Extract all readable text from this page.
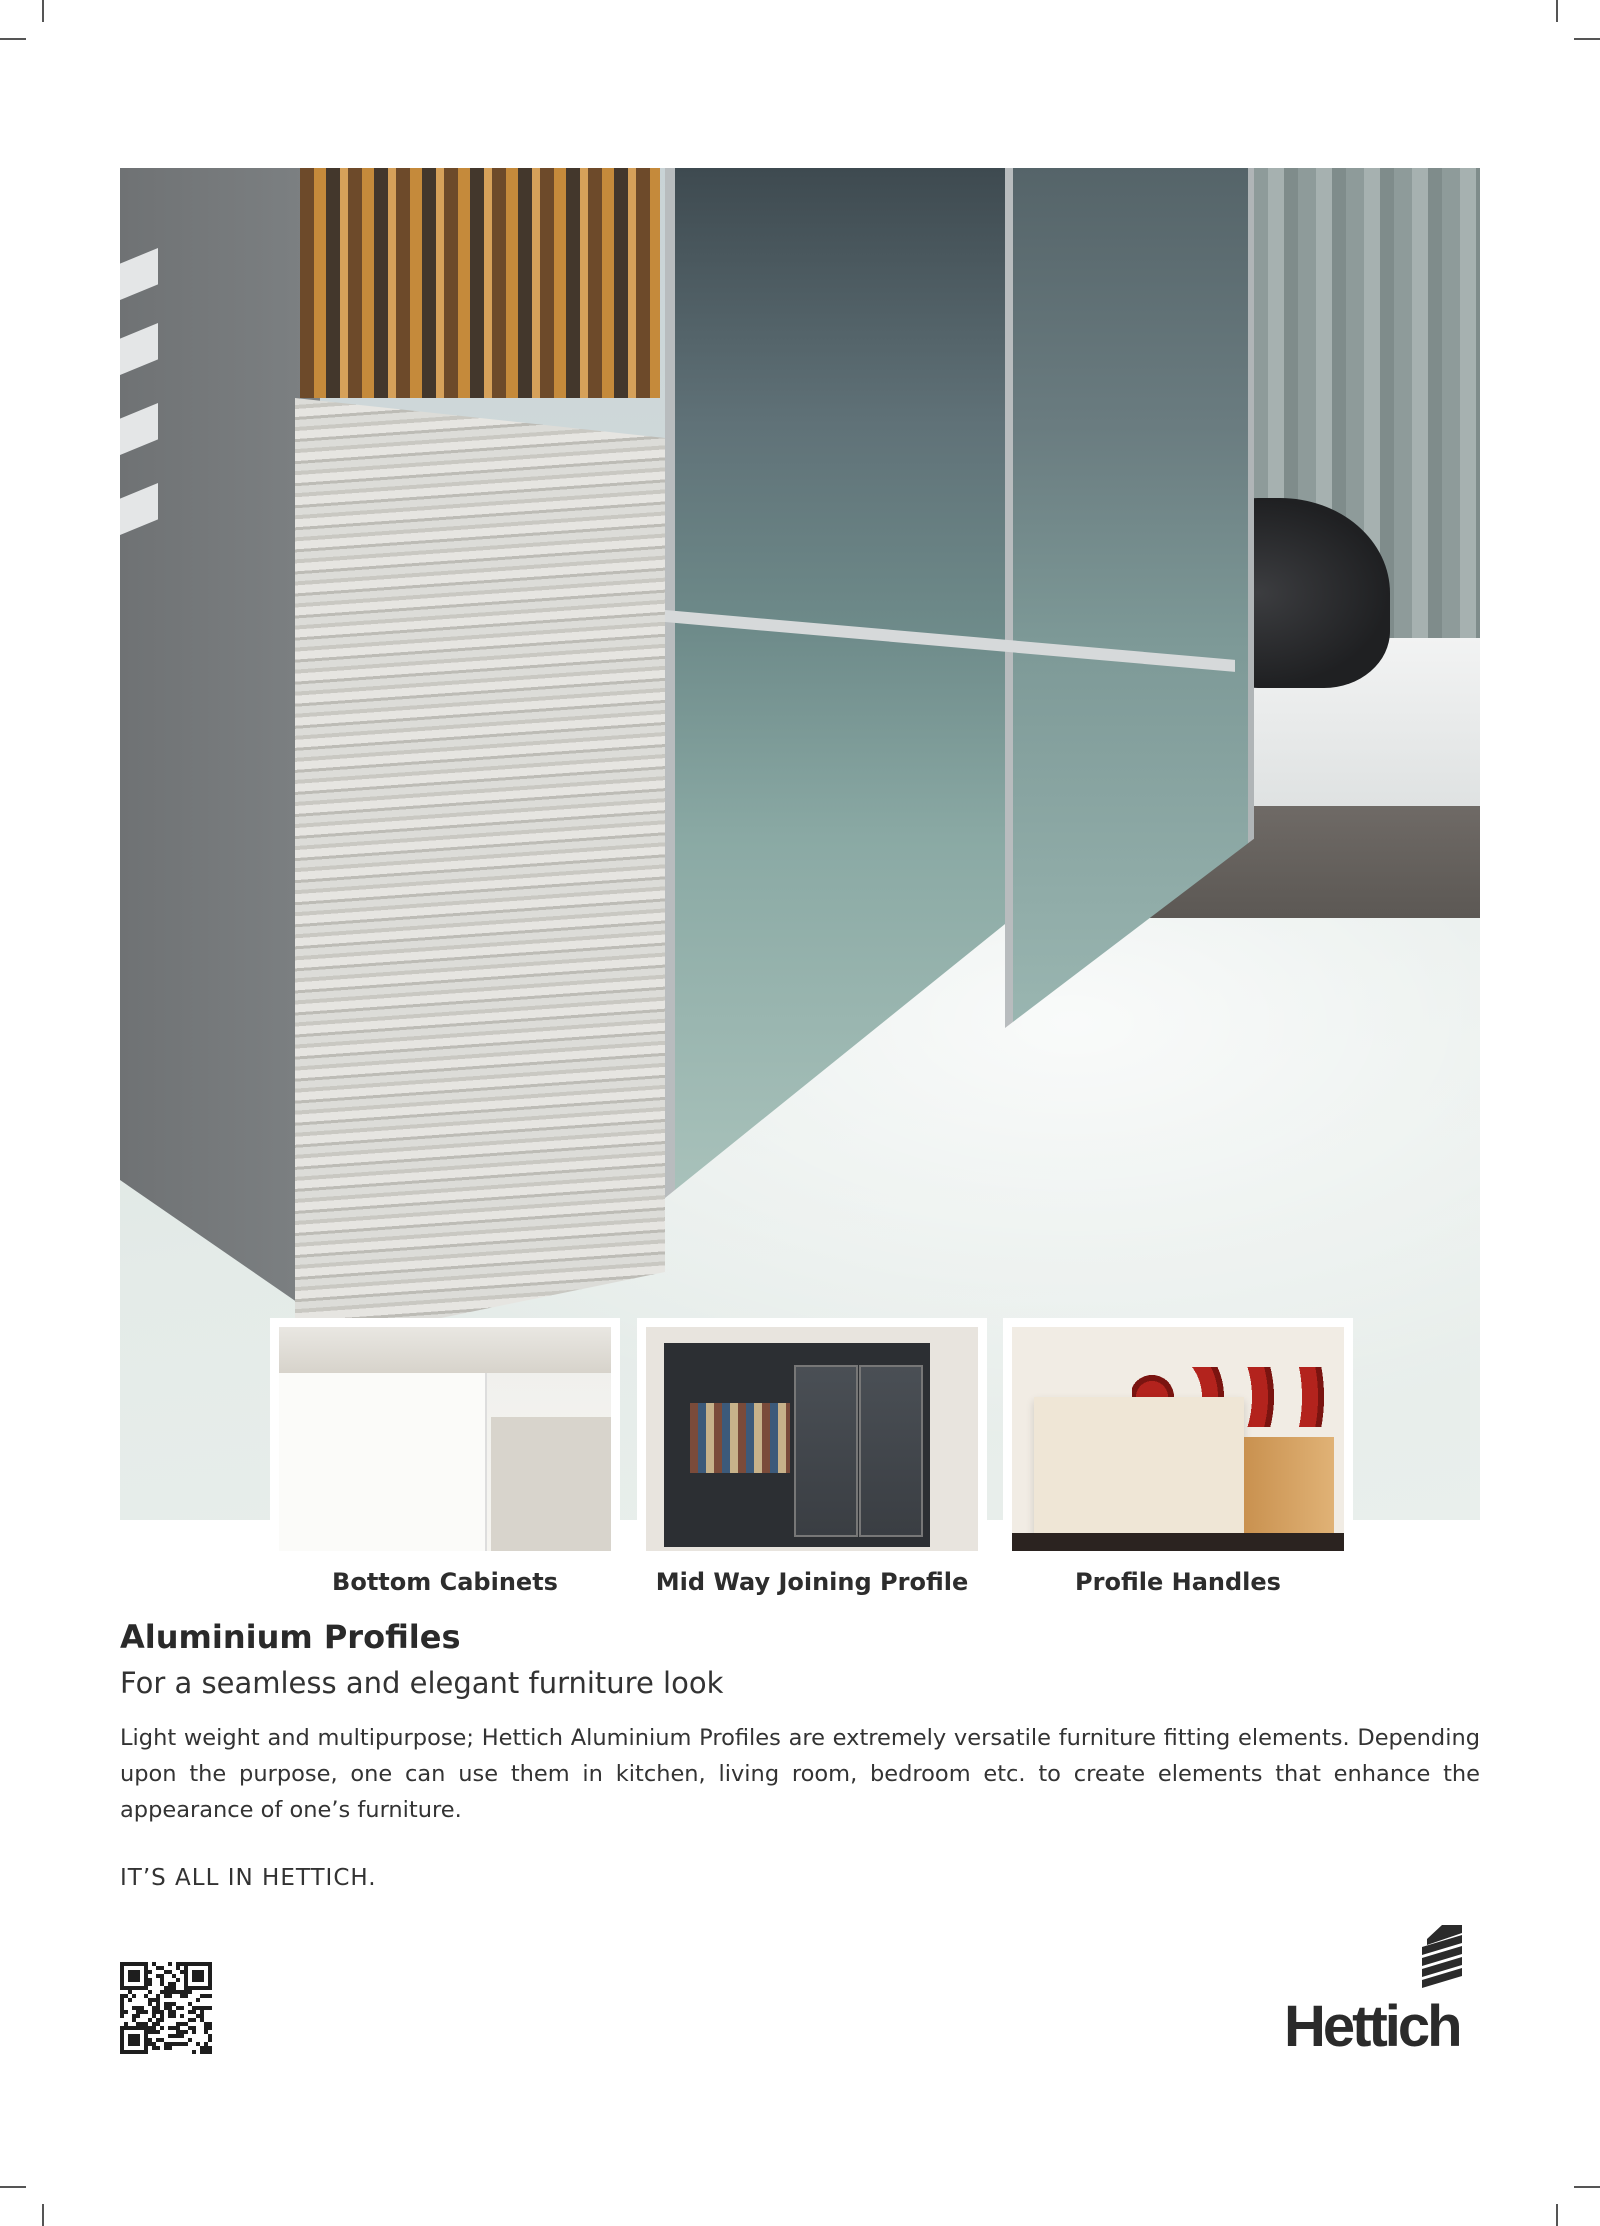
Bottom Cabinets	Mid Way Joining Profile	Profile Handles
Aluminium Profiles
For a seamless and elegant furniture look
Light weight and multipurpose; Hettich Aluminium Profiles are extremely versatile furniture fitting elements. Depending upon the purpose, one can use them in kitchen, living room, bedroom etc. to create elements that enhance the appearance of one’s furniture.
IT’S ALL IN HETTICH.
Hettich
